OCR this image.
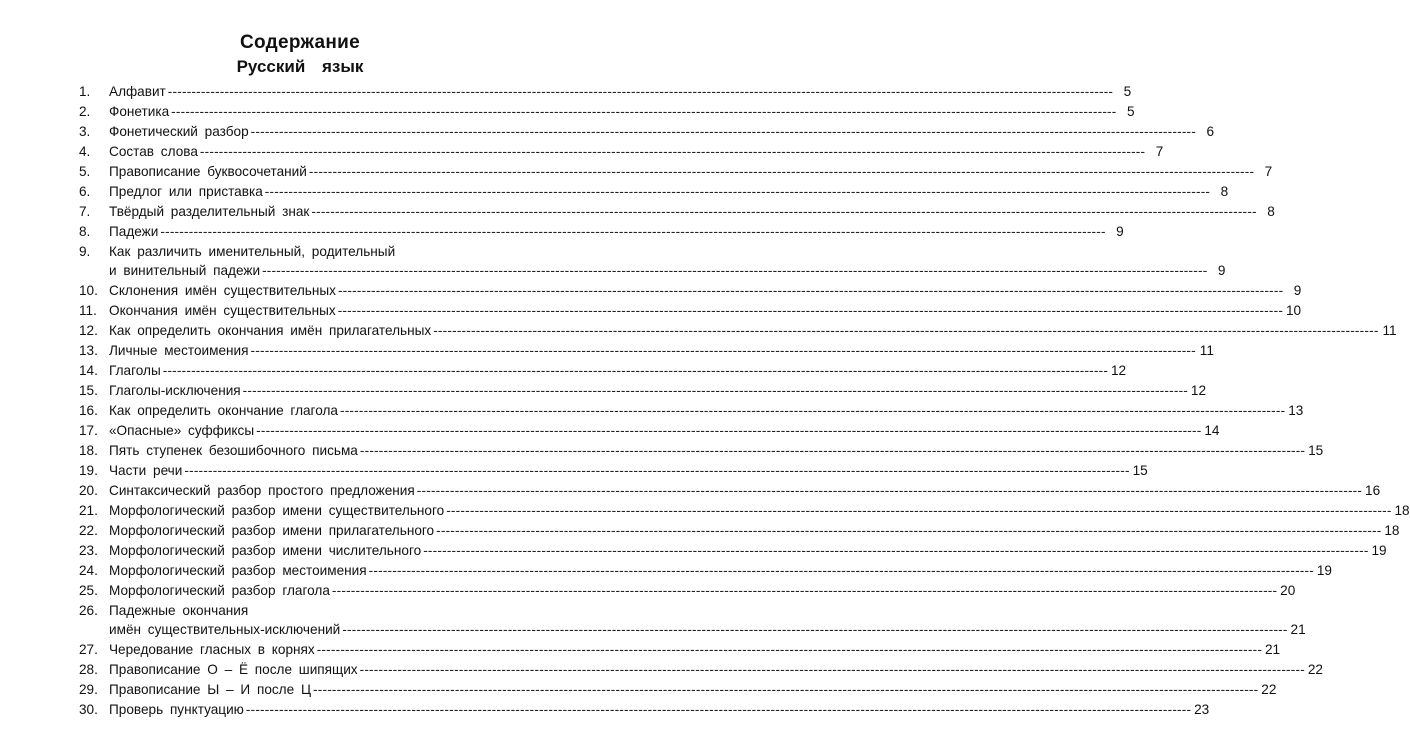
Содержание
Русский язык
1. Алфавит -------------------------------------------------------------------------------------------------------------------------------------------------------------------------------------------------------- 5
2. Фонетика -------------------------------------------------------------------------------------------------------------------------------------------------------------------------------------------------------- 5
3. Фонетический разбор -------------------------------------------------------------------------------------------------------------------------------------------------------------------------------------------------------- 6
4. Состав слова -------------------------------------------------------------------------------------------------------------------------------------------------------------------------------------------------------- 7
5. Правописание буквосочетаний -------------------------------------------------------------------------------------------------------------------------------------------------------------------------------------------------------- 7
6. Предлог или приставка -------------------------------------------------------------------------------------------------------------------------------------------------------------------------------------------------------- 8
7. Твёрдый разделительный знак -------------------------------------------------------------------------------------------------------------------------------------------------------------------------------------------------------- 8
8. Падежи -------------------------------------------------------------------------------------------------------------------------------------------------------------------------------------------------------- 9
9. Как различить именительный, родительный
и винительный падежи -------------------------------------------------------------------------------------------------------------------------------------------------------------------------------------------------------- 9
10. Склонения имён существительных -------------------------------------------------------------------------------------------------------------------------------------------------------------------------------------------------------- 9
11. Окончания имён существительных -------------------------------------------------------------------------------------------------------------------------------------------------------------------------------------------------------- 10
12. Как определить окончания имён прилагательных -------------------------------------------------------------------------------------------------------------------------------------------------------------------------------------------------------- 11
13. Личные местоимения -------------------------------------------------------------------------------------------------------------------------------------------------------------------------------------------------------- 11
14. Глаголы -------------------------------------------------------------------------------------------------------------------------------------------------------------------------------------------------------- 12
15. Глаголы-исключения -------------------------------------------------------------------------------------------------------------------------------------------------------------------------------------------------------- 12
16. Как определить окончание глагола -------------------------------------------------------------------------------------------------------------------------------------------------------------------------------------------------------- 13
17. «Опасные» суффиксы -------------------------------------------------------------------------------------------------------------------------------------------------------------------------------------------------------- 14
18. Пять ступенек безошибочного письма -------------------------------------------------------------------------------------------------------------------------------------------------------------------------------------------------------- 15
19. Части речи -------------------------------------------------------------------------------------------------------------------------------------------------------------------------------------------------------- 15
20. Синтаксический разбор простого предложения -------------------------------------------------------------------------------------------------------------------------------------------------------------------------------------------------------- 16
21. Морфологический разбор имени существительного -------------------------------------------------------------------------------------------------------------------------------------------------------------------------------------------------------- 18
22. Морфологический разбор имени прилагательного -------------------------------------------------------------------------------------------------------------------------------------------------------------------------------------------------------- 18
23. Морфологический разбор имени числительного -------------------------------------------------------------------------------------------------------------------------------------------------------------------------------------------------------- 19
24. Морфологический разбор местоимения -------------------------------------------------------------------------------------------------------------------------------------------------------------------------------------------------------- 19
25. Морфологический разбор глагола -------------------------------------------------------------------------------------------------------------------------------------------------------------------------------------------------------- 20
26. Падежные окончания
имён существительных-исключений -------------------------------------------------------------------------------------------------------------------------------------------------------------------------------------------------------- 21
27. Чередование гласных в корнях -------------------------------------------------------------------------------------------------------------------------------------------------------------------------------------------------------- 21
28. Правописание О – Ё после шипящих -------------------------------------------------------------------------------------------------------------------------------------------------------------------------------------------------------- 22
29. Правописание Ы – И после Ц -------------------------------------------------------------------------------------------------------------------------------------------------------------------------------------------------------- 22
30. Проверь пунктуацию -------------------------------------------------------------------------------------------------------------------------------------------------------------------------------------------------------- 23
